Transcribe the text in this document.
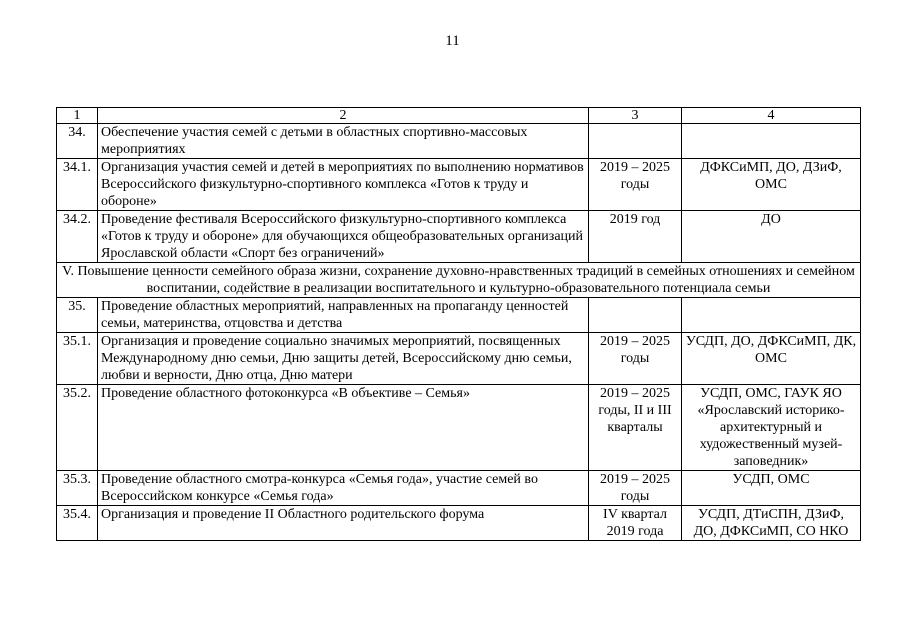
11
1	2	3	4
34.	Обеспечение участия семей с детьми в областных спортивно-массовых мероприятиях		
34.1.	Организация участия семей и детей в мероприятиях по выполнению нормативов Всероссийского физкультурно-спортивного комплекса «Готов к труду и обороне»	2019 – 2025 годы	ДФКСиМП, ДО, ДЗиФ, ОМС
34.2.	Проведение фестиваля Всероссийского физкультурно-спортивного комплекса «Готов к труду и обороне» для обучающихся общеобразовательных организаций Ярославской области «Спорт без ограничений»	2019 год	ДО
V. Повышение ценности семейного образа жизни, сохранение духовно-нравственных традиций в семейных отношениях и семейном воспитании, содействие в реализации воспитательного и культурно-образовательного потенциала семьи			
35.	Проведение областных мероприятий, направленных на пропаганду ценностей семьи, материнства, отцовства и детства		
35.1.	Организация и проведение социально значимых мероприятий, посвященных Международному дню семьи, Дню защиты детей, Всероссийскому дню семьи, любви и верности, Дню отца, Дню матери	2019 – 2025 годы	УСДП, ДО, ДФКСиМП, ДК, ОМС
35.2.	Проведение областного фотоконкурса «В объективе – Семья»	2019 – 2025 годы, II и III кварталы	УСДП, ОМС, ГАУК ЯО «Ярославский историко-архитектурный и художественный музей-заповедник»
35.3.	Проведение областного смотра-конкурса «Семья года», участие семей во Всероссийском конкурсе «Семья года»	2019 – 2025 годы	УСДП, ОМС
35.4.	Организация и проведение II Областного родительского форума	IV квартал 2019 года	УСДП, ДТиСПН, ДЗиФ, ДО, ДФКСиМП, СО НКО
